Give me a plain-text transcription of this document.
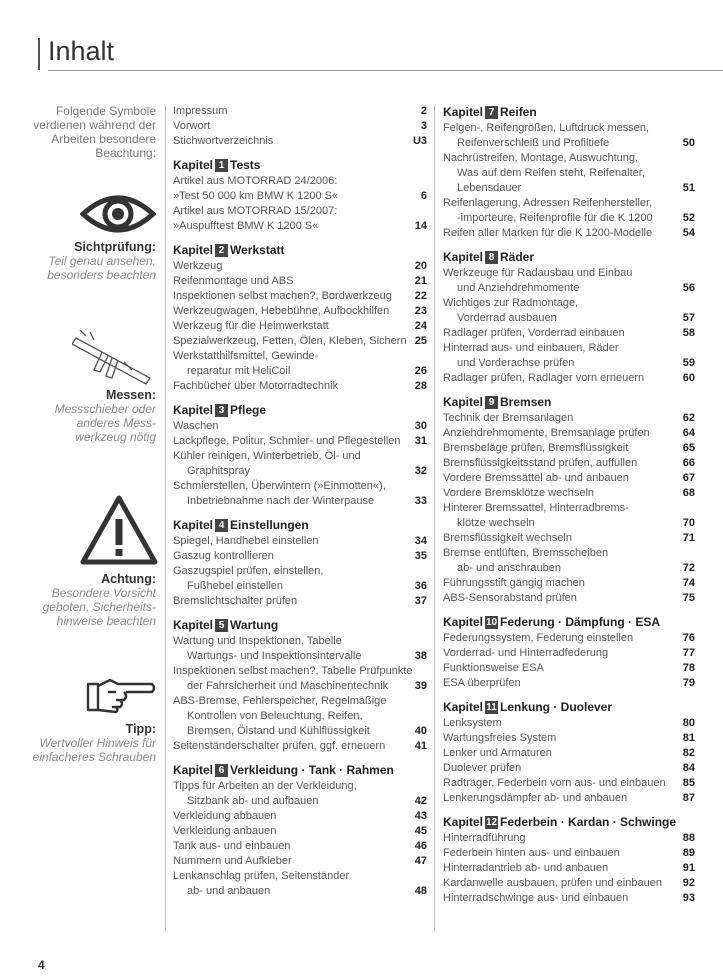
Inhalt
Folgende Symbole verdienen während der Arbeiten besondere Beachtung:
Sichtprüfung:
Teil genau ansehen, besonders beachten
Messen:
Messschieber oder anderes Messwerkzeug nötig
Achtung:
Besondere Vorsicht geboten, Sicherheitshinweise beachten
Tipp:
Wertvoller Hinweis für einfacheres Schrauben
Impressum	2
Vorwort	3
Stichwortverzeichnis	U3
Kapitel 1 Tests
Artikel aus MOTORRAD 24/2006:
»Test 50 000 km BMW K 1200 S«	6
Artikel aus MOTORRAD 15/2007:
»Auspufftest BMW K 1200 S«	14
Kapitel 2 Werkstatt
Werkzeug	20
Reifenmontage und ABS	21
Inspektionen selbst machen?, Bordwerkzeug	22
Werkzeugwagen, Hebebühne, Aufbockhilfen	23
Werkzeug für die Heimwerkstatt	24
Spezialwerkzeug, Fetten, Ölen, Kleben, Sichern 25
Werkstatthilfsmittel, Gewinde-
reparatur mit HeliCoil	26
Fachbücher über Motorradtechnik	28
Kapitel 3 Pflege
Waschen	30
Lackpflege, Politur, Schmier- und Pflegestellen	31
Kühler reinigen, Winterbetrieb, Öl- und
Graphitspray	32
Schmierstellen, Überwintern (»Einmotten«),
Inbetriebnahme nach der Winterpause	33
Kapitel 4 Einstellungen
Spiegel, Handhebel einstellen	34
Gaszug kontrollieren	35
Gaszugspiel prüfen, einstellen,
Fußhebel einstellen	36
Bremslichtschalter prüfen	37
Kapitel 5 Wartung
Wartung und Inspektionen, Tabelle
Wartungs- und Inspektionsintervalle	38
Inspektionen selbst machen?, Tabelle Prüfpunkte
der Fahrsicherheit und Maschinentechnik	39
ABS-Bremse, Fehlerspeicher, Regelmäßige
Kontrollen von Beleuchtung, Reifen,
Bremsen, Ölstand und Kühlflüssigkeit	40
Seitenständerschalter prüfen, ggf. erneuern	41
Kapitel 6 Verkleidung · Tank · Rahmen
Tipps für Arbeiten an der Verkleidung,
Sitzbank ab- und aufbauen	42
Verkleidung abbauen	43
Verkleidung anbauen	45
Tank aus- und einbauen	46
Nummern und Aufkleber	47
Lenkanschlag prüfen, Seitenständer
ab- und anbauen	48
Kapitel 7 Reifen
Felgen-, Reifengrößen, Luftdruck messen,
Reifenverschleiß und Profiltiefe	50
Nachrüstreifen, Montage, Auswuchtung,
Was auf dem Reifen steht, Reifenalter,
Lebensdauer	51
Reifenlagerung, Adressen Reifenhersteller,
-importeure, Reifenprofile für die K 1200	52
Reifen aller Marken für die K 1200-Modelle	54
Kapitel 8 Räder
Werkzeuge für Radausbau und Einbau
und Anziehdrehmomente	56
Wichtiges zur Radmontage,
Vorderrad ausbauen	57
Radlager prüfen, Vorderrad einbauen	58
Hinterrad aus- und einbauen, Räder
und Vorderachse prüfen	59
Radlager prüfen, Radlager vorn erneuern	60
Kapitel 9 Bremsen
Technik der Bremsanlagen	62
Anziehdrehmomente, Bremsanlage prüfen	64
Bremsbeläge prüfen, Bremsflüssigkeit	65
Bremsflüssigkeitsstand prüfen, auffüllen	66
Vordere Bremssättel ab- und anbauen	67
Vordere Bremsklötze wechseln	68
Hinterer Bremssattel, Hinterradbrems-
klötze wechseln	70
Bremsflüssigkeit wechseln	71
Bremse entlüften, Bremsscheiben
ab- und anschrauben	72
Führungsstift gängig machen	74
ABS-Sensorabstand prüfen	75
Kapitel 10 Federung · Dämpfung · ESA
Federungssystem, Federung einstellen	76
Vorderrad- und Hinterradfederung	77
Funktionsweise ESA	78
ESA überprüfen	79
Kapitel 11 Lenkung · Duolever
Lenksystem	80
Wartungsfreies System	81
Lenker und Armaturen	82
Duolever prüfen	84
Radträger, Federbein vorn aus- und einbauen	85
Lenkerungsdämpfer ab- und anbauen	87
Kapitel 12 Federbein · Kardan · Schwinge
Hinterradführung	88
Federbein hinten aus- und einbauen	89
Hinterradantrieb ab- und anbauen	91
Kardanwelle ausbauen, prüfen und einbauen	92
Hinterradschwinge aus- und einbauen	93
4
